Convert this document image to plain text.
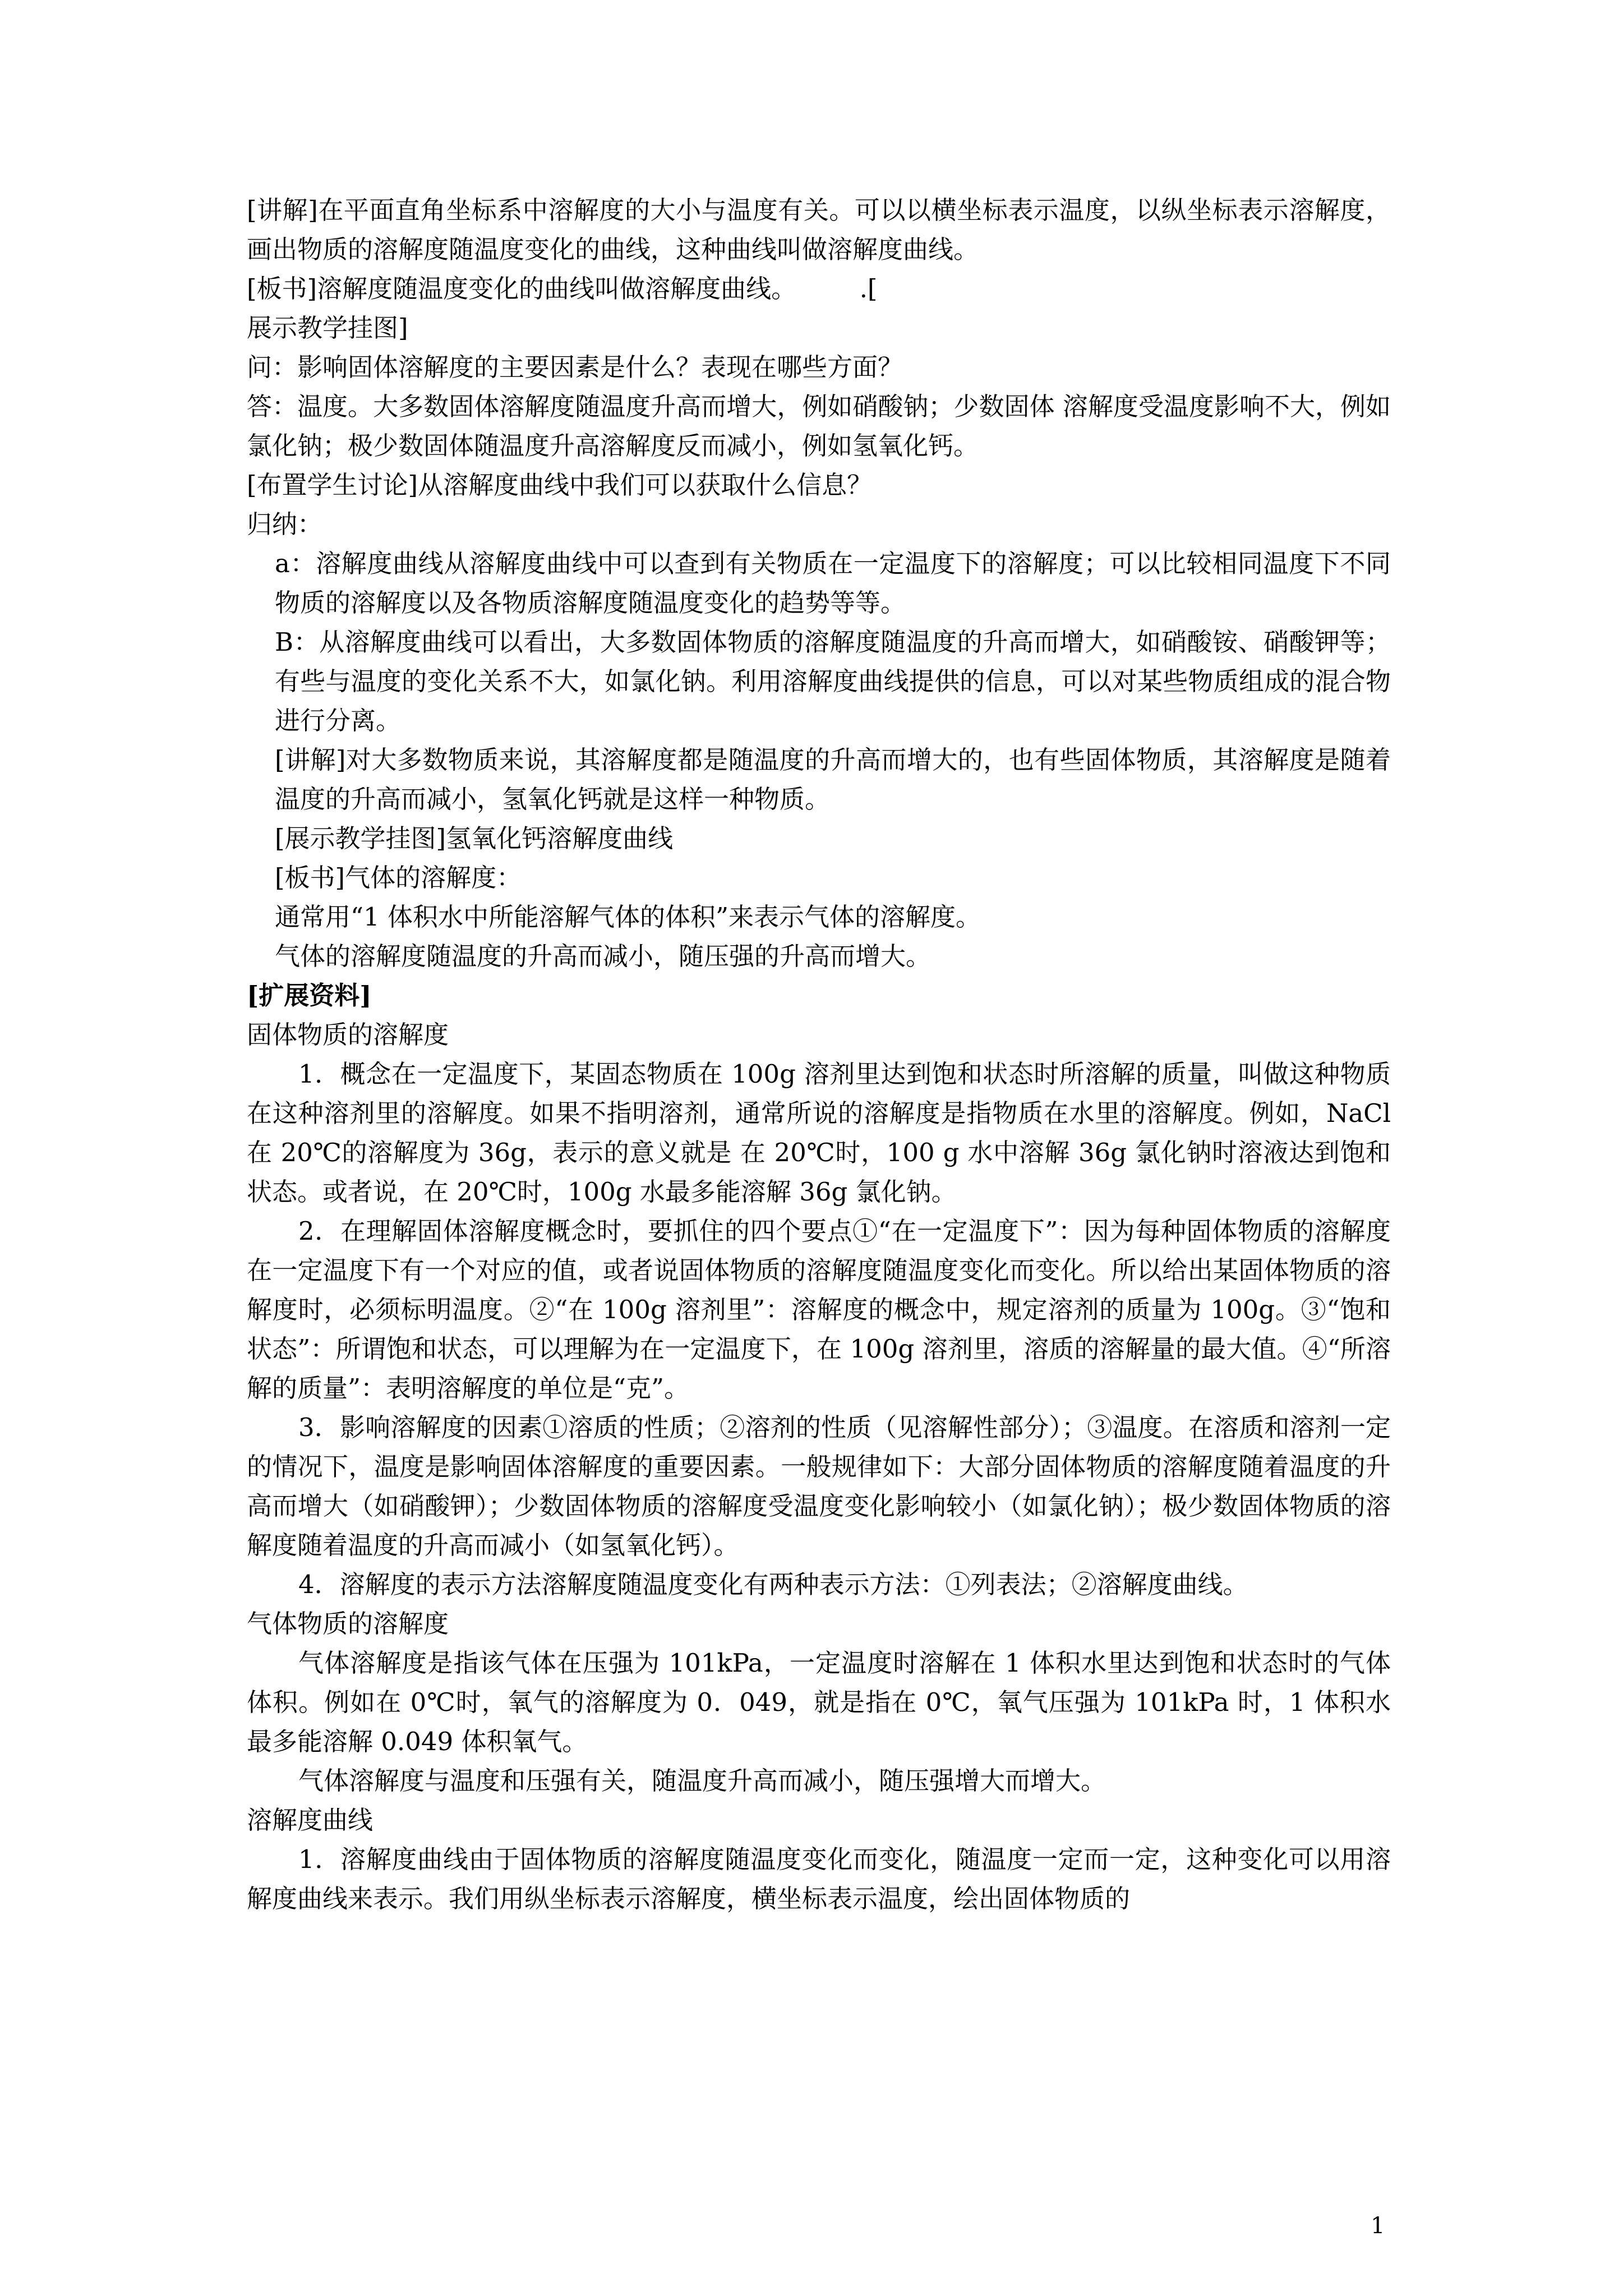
[讲解]在平面直角坐标系中溶解度的大小与温度有关。可以以横坐标表示温度，以纵坐标表示溶解度，画出物质的溶解度随温度变化的曲线，这种曲线叫做溶解度曲线。

[板书]溶解度随温度变化的曲线叫做溶解度曲线。　　　.[

展示教学挂图]

问：影响固体溶解度的主要因素是什么？表现在哪些方面？

答：温度。大多数固体溶解度随温度升高而增大，例如硝酸钠；少数固体 溶解度受温度影响不大，例如氯化钠；极少数固体随温度升高溶解度反而减小，例如氢氧化钙。

[布置学生讨论]从溶解度曲线中我们可以获取什么信息？

归纳：

a：溶解度曲线从溶解度曲线中可以查到有关物质在一定温度下的溶解度；可以比较相同温度下不同物质的溶解度以及各物质溶解度随温度变化的趋势等等。

B：从溶解度曲线可以看出，大多数固体物质的溶解度随温度的升高而增大，如硝酸铵、硝酸钾等；有些与温度的变化关系不大，如氯化钠。利用溶解度曲线提供的信息，可以对某些物质组成的混合物进行分离。

[讲解]对大多数物质来说，其溶解度都是随温度的升高而增大的，也有些固体物质，其溶解度是随着温度的升高而减小，氢氧化钙就是这样一种物质。

[展示教学挂图]氢氧化钙溶解度曲线

[板书]气体的溶解度：

通常用“1 体积水中所能溶解气体的体积”来表示气体的溶解度。

气体的溶解度随温度的升高而减小，随压强的升高而增大。

[扩展资料]

固体物质的溶解度

1．概念在一定温度下，某固态物质在 100g 溶剂里达到饱和状态时所溶解的质量，叫做这种物质在这种溶剂里的溶解度。如果不指明溶剂，通常所说的溶解度是指物质在水里的溶解度。例如，NaCl 在 20℃的溶解度为 36g，表示的意义就是 在 20℃时，100 g 水中溶解 36g 氯化钠时溶液达到饱和状态。或者说，在 20℃时，100g 水最多能溶解 36g 氯化钠。

2．在理解固体溶解度概念时，要抓住的四个要点①“在一定温度下”：因为每种固体物质的溶解度在一定温度下有一个对应的值，或者说固体物质的溶解度随温度变化而变化。所以给出某固体物质的溶解度时，必须标明温度。②“在 100g 溶剂里”：溶解度的概念中，规定溶剂的质量为 100g。③“饱和状态”：所谓饱和状态，可以理解为在一定温度下，在 100g 溶剂里，溶质的溶解量的最大值。④“所溶解的质量”：表明溶解度的单位是“克”。

3．影响溶解度的因素①溶质的性质；②溶剂的性质（见溶解性部分）；③温度。在溶质和溶剂一定的情况下，温度是影响固体溶解度的重要因素。一般规律如下：大部分固体物质的溶解度随着温度的升高而增大（如硝酸钾）；少数固体物质的溶解度受温度变化影响较小（如氯化钠）；极少数固体物质的溶解度随着温度的升高而减小（如氢氧化钙）。

4．溶解度的表示方法溶解度随温度变化有两种表示方法：①列表法；②溶解度曲线。

气体物质的溶解度

气体溶解度是指该气体在压强为 101kPa，一定温度时溶解在 1 体积水里达到饱和状态时的气体体积。例如在 0℃时，氧气的溶解度为 0．049，就是指在 0℃，氧气压强为 101kPa 时，1 体积水最多能溶解 0.049 体积氧气。

气体溶解度与温度和压强有关，随温度升高而减小，随压强增大而增大。

溶解度曲线

1．溶解度曲线由于固体物质的溶解度随温度变化而变化，随温度一定而一定，这种变化可以用溶解度曲线来表示。我们用纵坐标表示溶解度，横坐标表示温度，绘出固体物质的

1
